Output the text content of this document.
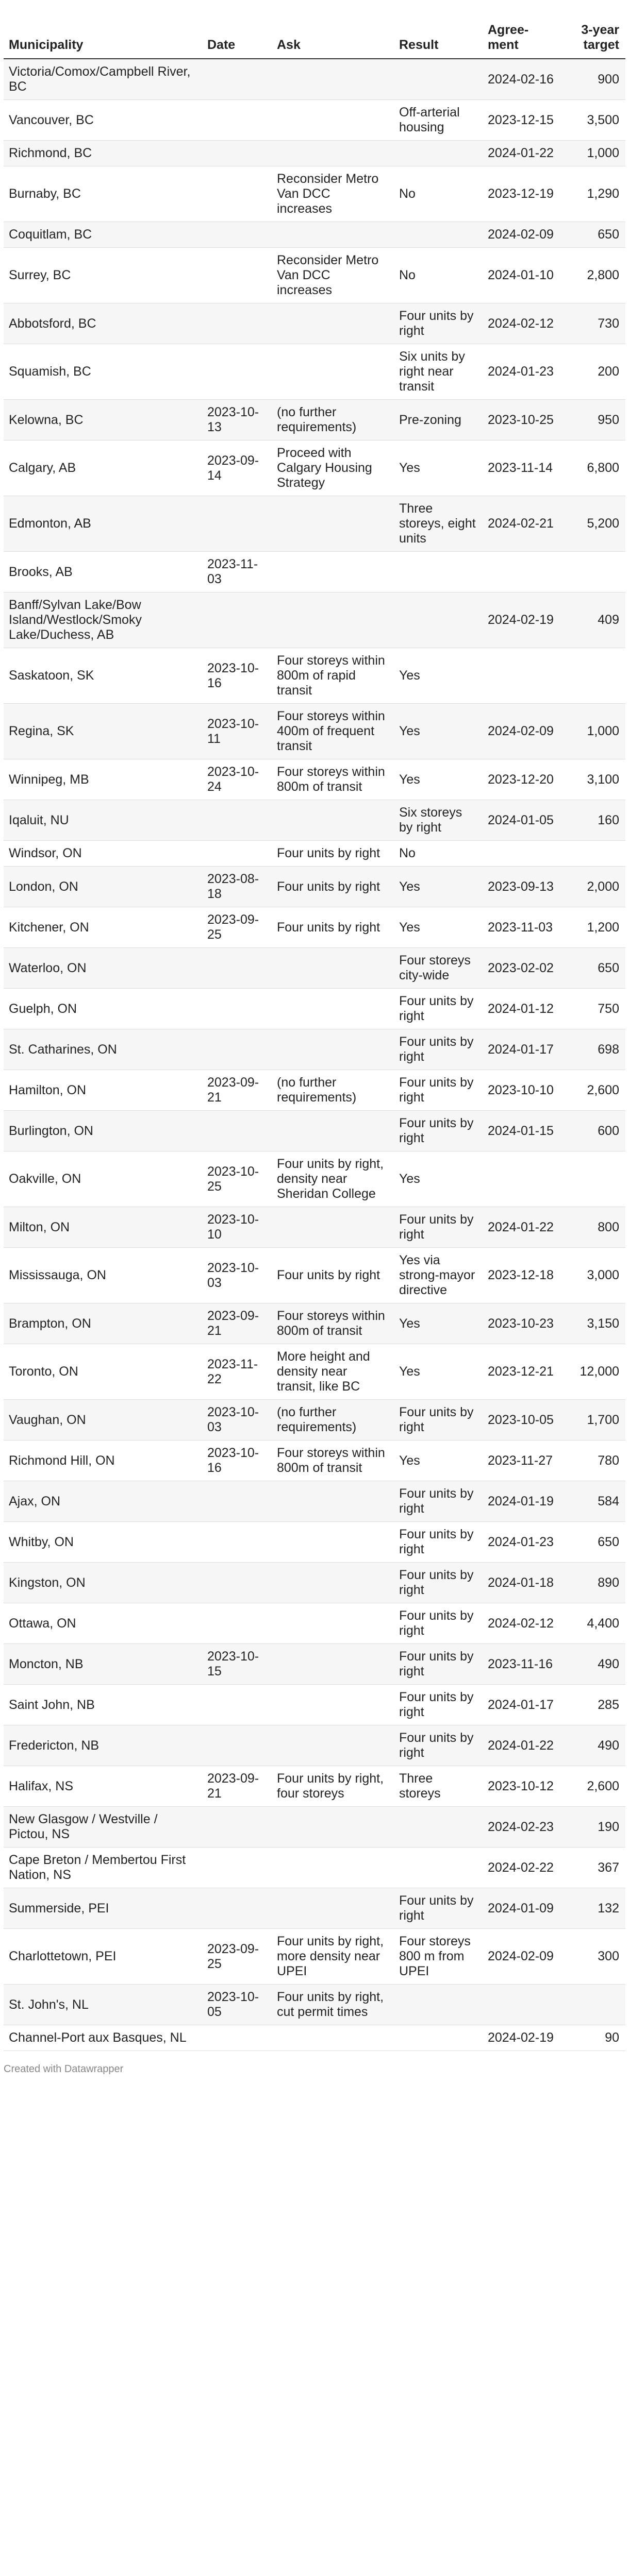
Municipality	Date	Ask	Result	Agree- ment	3-year target
Victoria/Comox/Campbell River, BC				2024-02-16	900
Vancouver, BC			Off-arterial housing	2023-12-15	3,500
Richmond, BC				2024-01-22	1,000
Burnaby, BC		Reconsider Metro Van DCC increases	No	2023-12-19	1,290
Coquitlam, BC				2024-02-09	650
Surrey, BC		Reconsider Metro Van DCC increases	No	2024-01-10	2,800
Abbotsford, BC			Four units by right	2024-02-12	730
Squamish, BC			Six units by right near transit	2024-01-23	200
Kelowna, BC	2023-10-13	(no further requirements)	Pre-zoning	2023-10-25	950
Calgary, AB	2023-09-14	Proceed with Calgary Housing Strategy	Yes	2023-11-14	6,800
Edmonton, AB			Three storeys, eight units	2024-02-21	5,200
Brooks, AB	2023-11-03				
Banff/Sylvan Lake/Bow Island/Westlock/Smoky Lake/Duchess, AB				2024-02-19	409
Saskatoon, SK	2023-10-16	Four storeys within 800m of rapid transit	Yes		
Regina, SK	2023-10-11	Four storeys within 400m of frequent transit	Yes	2024-02-09	1,000
Winnipeg, MB	2023-10-24	Four storeys within 800m of transit	Yes	2023-12-20	3,100
Iqaluit, NU			Six storeys by right	2024-01-05	160
Windsor, ON		Four units by right	No		
London, ON	2023-08-18	Four units by right	Yes	2023-09-13	2,000
Kitchener, ON	2023-09-25	Four units by right	Yes	2023-11-03	1,200
Waterloo, ON			Four storeys city-wide	2023-02-02	650
Guelph, ON			Four units by right	2024-01-12	750
St. Catharines, ON			Four units by right	2024-01-17	698
Hamilton, ON	2023-09-21	(no further requirements)	Four units by right	2023-10-10	2,600
Burlington, ON			Four units by right	2024-01-15	600
Oakville, ON	2023-10-25	Four units by right, density near Sheridan College	Yes		
Milton, ON	2023-10-10		Four units by right	2024-01-22	800
Mississauga, ON	2023-10-03	Four units by right	Yes via strong-mayor directive	2023-12-18	3,000
Brampton, ON	2023-09-21	Four storeys within 800m of transit	Yes	2023-10-23	3,150
Toronto, ON	2023-11-22	More height and density near transit, like BC	Yes	2023-12-21	12,000
Vaughan, ON	2023-10-03	(no further requirements)	Four units by right	2023-10-05	1,700
Richmond Hill, ON	2023-10-16	Four storeys within 800m of transit	Yes	2023-11-27	780
Ajax, ON			Four units by right	2024-01-19	584
Whitby, ON			Four units by right	2024-01-23	650
Kingston, ON			Four units by right	2024-01-18	890
Ottawa, ON			Four units by right	2024-02-12	4,400
Moncton, NB	2023-10-15		Four units by right	2023-11-16	490
Saint John, NB			Four units by right	2024-01-17	285
Fredericton, NB			Four units by right	2024-01-22	490
Halifax, NS	2023-09-21	Four units by right, four storeys	Three storeys	2023-10-12	2,600
New Glasgow / Westville / Pictou, NS				2024-02-23	190
Cape Breton / Membertou First Nation, NS				2024-02-22	367
Summerside, PEI			Four units by right	2024-01-09	132
Charlottetown, PEI	2023-09-25	Four units by right, more density near UPEI	Four storeys 800 m from UPEI	2024-02-09	300
St. John's, NL	2023-10-05	Four units by right, cut permit times			
Channel-Port aux Basques, NL				2024-02-19	90
Created with Datawrapper
